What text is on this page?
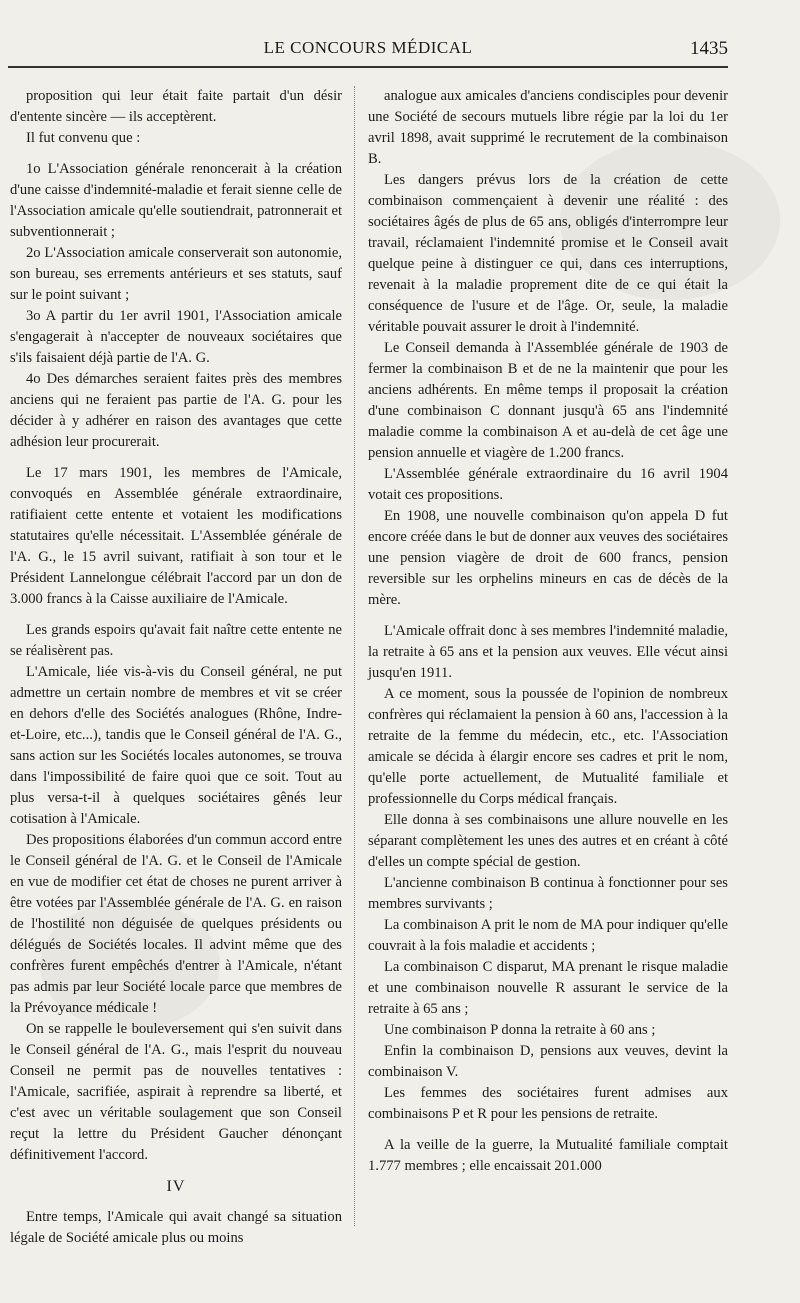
LE CONCOURS MÉDICAL	1435

proposition qui leur était faite partait d'un désir d'entente sincère — ils acceptèrent.

Il fut convenu que :

1o L'Association générale renoncerait à la création d'une caisse d'indemnité-maladie et ferait sienne celle de l'Association amicale qu'elle soutiendrait, patronnerait et subventionnerait ;

2o L'Association amicale conserverait son autonomie, son bureau, ses errements antérieurs et ses statuts, sauf sur le point suivant ;

3o A partir du 1er avril 1901, l'Association amicale s'engagerait à n'accepter de nouveaux sociétaires que s'ils faisaient déjà partie de l'A. G.

4o Des démarches seraient faites près des membres anciens qui ne feraient pas partie de l'A. G. pour les décider à y adhérer en raison des avantages que cette adhésion leur procurerait.

Le 17 mars 1901, les membres de l'Amicale, convoqués en Assemblée générale extraordinaire, ratifiaient cette entente et votaient les modifications statutaires qu'elle nécessitait. L'Assemblée générale de l'A. G., le 15 avril suivant, ratifiait à son tour et le Président Lannelongue célébrait l'accord par un don de 3.000 francs à la Caisse auxiliaire de l'Amicale.

Les grands espoirs qu'avait fait naître cette entente ne se réalisèrent pas.

L'Amicale, liée vis-à-vis du Conseil général, ne put admettre un certain nombre de membres et vit se créer en dehors d'elle des Sociétés analogues (Rhône, Indre-et-Loire, etc...), tandis que le Conseil général de l'A. G., sans action sur les Sociétés locales autonomes, se trouva dans l'impossibilité de faire quoi que ce soit. Tout au plus versa-t-il à quelques sociétaires gênés leur cotisation à l'Amicale.

Des propositions élaborées d'un commun accord entre le Conseil général de l'A. G. et le Conseil de l'Amicale en vue de modifier cet état de choses ne purent arriver à être votées par l'Assemblée générale de l'A. G. en raison de l'hostilité non déguisée de quelques présidents ou délégués de Sociétés locales. Il advint même que des confrères furent empêchés d'entrer à l'Amicale, n'étant pas admis par leur Société locale parce que membres de la Prévoyance médicale !

On se rappelle le bouleversement qui s'en suivit dans le Conseil général de l'A. G., mais l'esprit du nouveau Conseil ne permit pas de nouvelles tentatives : l'Amicale, sacrifiée, aspirait à reprendre sa liberté, et c'est avec un véritable soulagement que son Conseil reçut la lettre du Président Gaucher dénonçant définitivement l'accord.

IV

Entre temps, l'Amicale qui avait changé sa situation légale de Société amicale plus ou moins

analogue aux amicales d'anciens condisciples pour devenir une Société de secours mutuels libre régie par la loi du 1er avril 1898, avait supprimé le recrutement de la combinaison B.

Les dangers prévus lors de la création de cette combinaison commençaient à devenir une réalité : des sociétaires âgés de plus de 65 ans, obligés d'interrompre leur travail, réclamaient l'indemnité promise et le Conseil avait quelque peine à distinguer ce qui, dans ces interruptions, revenait à la maladie proprement dite de ce qui était la conséquence de l'usure et de l'âge. Or, seule, la maladie véritable pouvait assurer le droit à l'indemnité.

Le Conseil demanda à l'Assemblée générale de 1903 de fermer la combinaison B et de ne la maintenir que pour les anciens adhérents. En même temps il proposait la création d'une combinaison C donnant jusqu'à 65 ans l'indemnité maladie comme la combinaison A et au-delà de cet âge une pension annuelle et viagère de 1.200 francs.

L'Assemblée générale extraordinaire du 16 avril 1904 votait ces propositions.

En 1908, une nouvelle combinaison qu'on appela D fut encore créée dans le but de donner aux veuves des sociétaires une pension viagère de droit de 600 francs, pension reversible sur les orphelins mineurs en cas de décès de la mère.

L'Amicale offrait donc à ses membres l'indemnité maladie, la retraite à 65 ans et la pension aux veuves. Elle vécut ainsi jusqu'en 1911.

A ce moment, sous la poussée de l'opinion de nombreux confrères qui réclamaient la pension à 60 ans, l'accession à la retraite de la femme du médecin, etc., etc. l'Association amicale se décida à élargir encore ses cadres et prit le nom, qu'elle porte actuellement, de Mutualité familiale et professionnelle du Corps médical français.

Elle donna à ses combinaisons une allure nouvelle en les séparant complètement les unes des autres et en créant à côté d'elles un compte spécial de gestion.

L'ancienne combinaison B continua à fonctionner pour ses membres survivants ;

La combinaison A prit le nom de MA pour indiquer qu'elle couvrait à la fois maladie et accidents ;

La combinaison C disparut, MA prenant le risque maladie et une combinaison nouvelle R assurant le service de la retraite à 65 ans ;

Une combinaison P donna la retraite à 60 ans ;

Enfin la combinaison D, pensions aux veuves, devint la combinaison V.

Les femmes des sociétaires furent admises aux combinaisons P et R pour les pensions de retraite.

A la veille de la guerre, la Mutualité familiale comptait 1.777 membres ; elle encaissait 201.000
